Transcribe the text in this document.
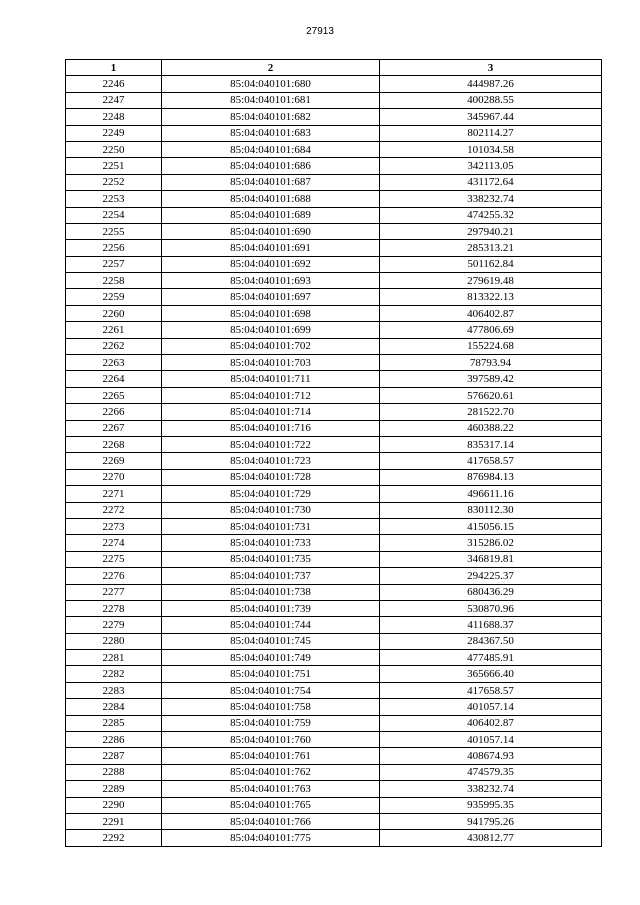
27913
1	2	3
2246	85:04:040101:680	444987.26
2247	85:04:040101:681	400288.55
2248	85:04:040101:682	345967.44
2249	85:04:040101:683	802114.27
2250	85:04:040101:684	101034.58
2251	85:04:040101:686	342113.05
2252	85:04:040101:687	431172.64
2253	85:04:040101:688	338232.74
2254	85:04:040101:689	474255.32
2255	85:04:040101:690	297940.21
2256	85:04:040101:691	285313.21
2257	85:04:040101:692	501162.84
2258	85:04:040101:693	279619.48
2259	85:04:040101:697	813322.13
2260	85:04:040101:698	406402.87
2261	85:04:040101:699	477806.69
2262	85:04:040101:702	155224.68
2263	85:04:040101:703	78793.94
2264	85:04:040101:711	397589.42
2265	85:04:040101:712	576620.61
2266	85:04:040101:714	281522.70
2267	85:04:040101:716	460388.22
2268	85:04:040101:722	835317.14
2269	85:04:040101:723	417658.57
2270	85:04:040101:728	876984.13
2271	85:04:040101:729	496611.16
2272	85:04:040101:730	830112.30
2273	85:04:040101:731	415056.15
2274	85:04:040101:733	315286.02
2275	85:04:040101:735	346819.81
2276	85:04:040101:737	294225.37
2277	85:04:040101:738	680436.29
2278	85:04:040101:739	530870.96
2279	85:04:040101:744	411688.37
2280	85:04:040101:745	284367.50
2281	85:04:040101:749	477485.91
2282	85:04:040101:751	365666.40
2283	85:04:040101:754	417658.57
2284	85:04:040101:758	401057.14
2285	85:04:040101:759	406402.87
2286	85:04:040101:760	401057.14
2287	85:04:040101:761	408674.93
2288	85:04:040101:762	474579.35
2289	85:04:040101:763	338232.74
2290	85:04:040101:765	935995.35
2291	85:04:040101:766	941795.26
2292	85:04:040101:775	430812.77
